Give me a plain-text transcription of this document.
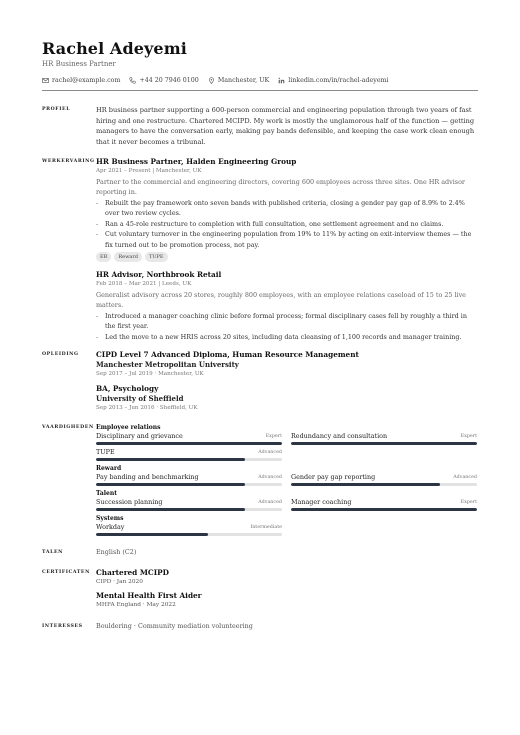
Rachel Adeyemi
HR Business Partner
rachel@example.com	+44 20 7946 0100	Manchester, UK	linkedin.com/in/rachel-adeyemi
PROFIEL	HR business partner supporting a 600-person commercial and engineering population through two years of fast hiring and one restructure. Chartered MCIPD. My work is mostly the unglamorous half of the function — getting managers to have the conversation early, making pay bands defensible, and keeping the case work clean enough that it never becomes a tribunal.

WERKERVARING HR Business Partner, Halden Engineering Group
Apr 2021 – Present | Manchester, UK
Partner to the commercial and engineering directors, covering 600 employees across three sites. One HR advisor reporting in.
- Rebuilt the pay framework onto seven bands with published criteria, closing a gender pay gap of 8.9% to 2.4% over two review cycles.
- Ran a 45-role restructure to completion with full consultation, one settlement agreement and no claims.
- Cut voluntary turnover in the engineering population from 19% to 11% by acting on exit-interview themes — the fix turned out to be promotion process, not pay.
ER	Reward	TUPE
HR Advisor, Northbrook Retail
Feb 2018 – Mar 2021 | Leeds, UK
Generalist advisory across 20 stores, roughly 800 employees, with an employee relations caseload of 15 to 25 live matters.
- Introduced a manager coaching clinic before formal process; formal disciplinary cases fell by roughly a third in the first year.
- Led the move to a new HRIS across 20 sites, including data cleansing of 1,100 records and manager training.
OPLEIDING	CIPD Level 7 Advanced Diploma, Human Resource Management
Manchester Metropolitan University
Sep 2017 – Jul 2019 · Manchester, UK
BA, Psychology
University of Sheffield
Sep 2013 – Jun 2016 · Sheffield, UK
VAARDIGHEDEN Employee relations
Disciplinary and grievance	Expert Redundancy and consultation	Expert
TUPE	Advanced
Reward
Pay banding and benchmarking	Advanced Gender pay gap reporting	Advanced
Talent
Succession planning	Advanced Manager coaching	Expert
Systems
Workday	Intermediate
TALEN	English (C2)
CERTIFICATEN Chartered MCIPD
CIPD · Jan 2020
Mental Health First Aider
MHFA England · May 2022
INTERESSES	Bouldering · Community mediation volunteering
